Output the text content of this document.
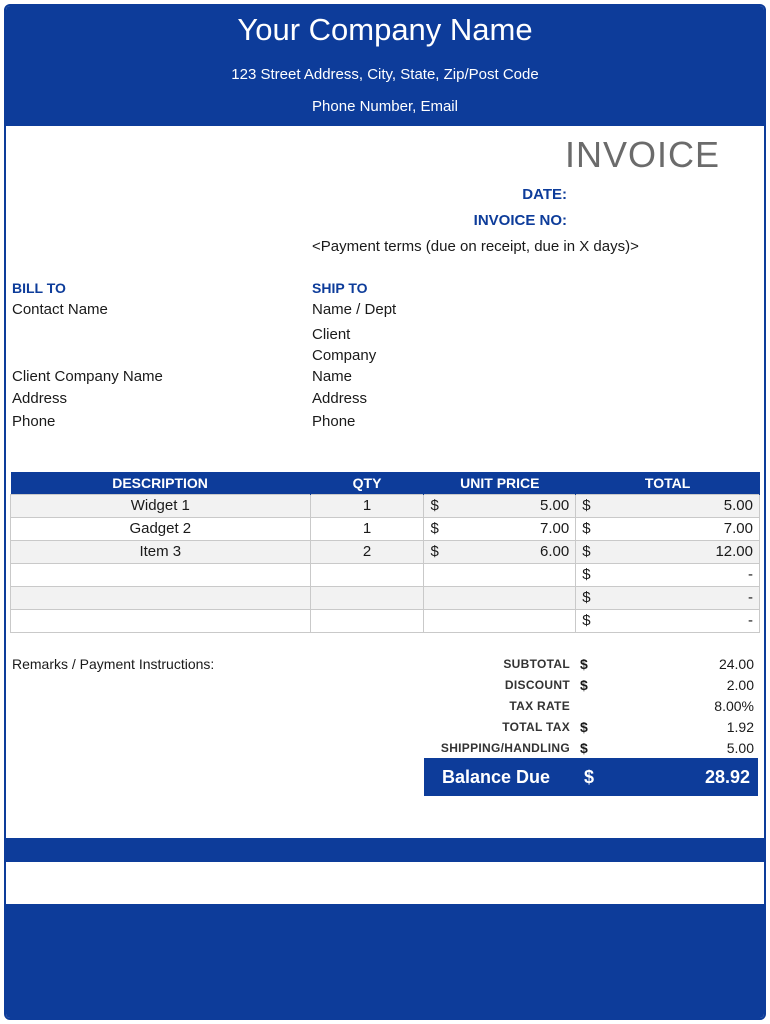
Your Company Name
123 Street Address, City, State, Zip/Post Code
Phone Number, Email
INVOICE
DATE:
INVOICE NO:
<Payment terms (due on receipt, due in X days)>
BILL TO
Contact Name
Client Company Name
Address
Phone
SHIP TO
Name / Dept
Client
Company
Name
Address
Phone
DESCRIPTION	QTY	UNIT PRICE	TOTAL
Widget 1	1	$ 5.00	$ 5.00

Gadget 2	1	$ 7.00	$ 7.00

Item 3	2	$ 6.00	$ 12.00

			$ -

			$ -

			$ -
Remarks / Payment Instructions:	SUBTOTAL $	24.00
DISCOUNT $	2.00
TAX RATE	8.00%
TOTAL TAX $	1.92
SHIPPING/HANDLING $	5.00
Balance Due $	28.92
